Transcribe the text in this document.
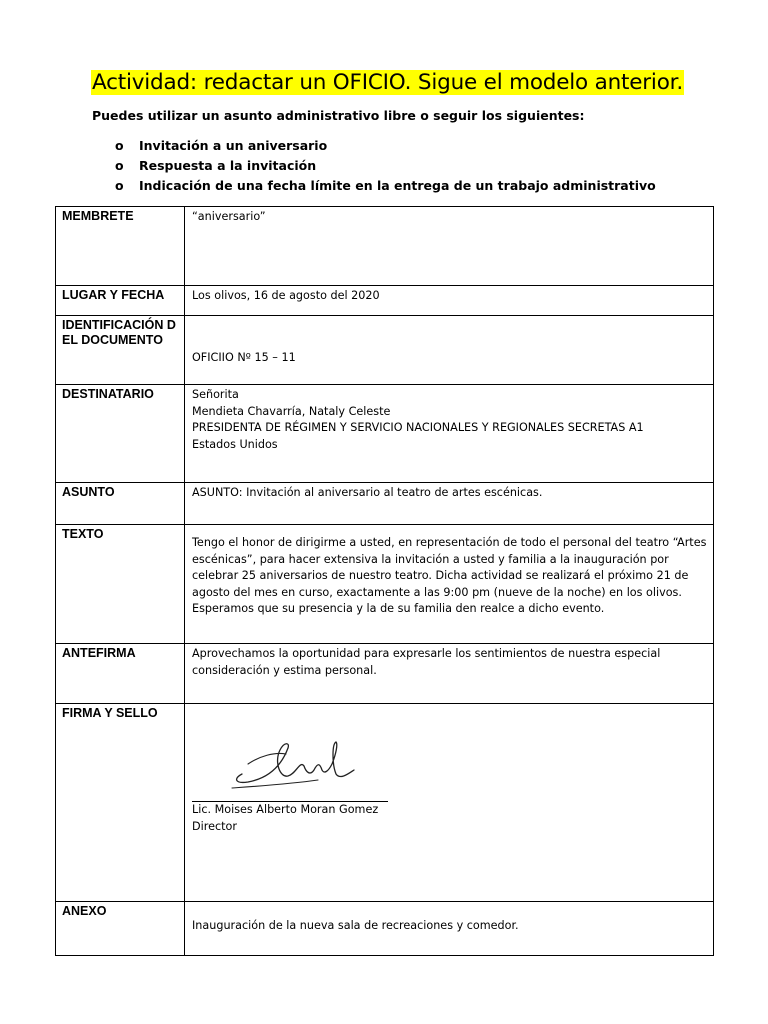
Actividad: redactar un OFICIO. Sigue el modelo anterior.

Puedes utilizar un asunto administrativo libre o seguir los siguientes:

o Invitación a un aniversario
o Respuesta a la invitación
o Indicación de una fecha límite en la entrega de un trabajo administrativo
MEMBRETE	“aniversario”
LUGAR Y FECHA	Los olivos, 16 de agosto del 2020
IDENTIFICACIÓN DEL DOCUMENTO	OFICIIO Nº 15 – 11

DESTINATARIO	Señorita

Mendieta Chavarría, Nataly Celeste

PRESIDENTA DE RÉGIMEN Y SERVICIO NACIONALES Y REGIONALES SECRETAS A1

Estados Unidos

ASUNTO	ASUNTO: Invitación al aniversario al teatro de artes escénicas.
TEXTO	Tengo el honor de dirigirme a usted, en representación de todo el personal del teatro “Artes escénicas”, para hacer extensiva la invitación a usted y familia a la inauguración por celebrar 25 aniversarios de nuestro teatro. Dicha actividad se realizará el próximo 21 de agosto del mes en curso, exactamente a las 9:00 pm (nueve de la noche) en los olivos. Esperamos que su presencia y la de su familia den realce a dicho evento.

ANTEFIRMA	Aprovechamos la oportunidad para expresarle los sentimientos de nuestra especial consideración y estima personal.
FIRMA Y SELLO	Lic. Moises Alberto Moran Gomez

Director

ANEXO	Inauguración de la nueva sala de recreaciones y comedor.
